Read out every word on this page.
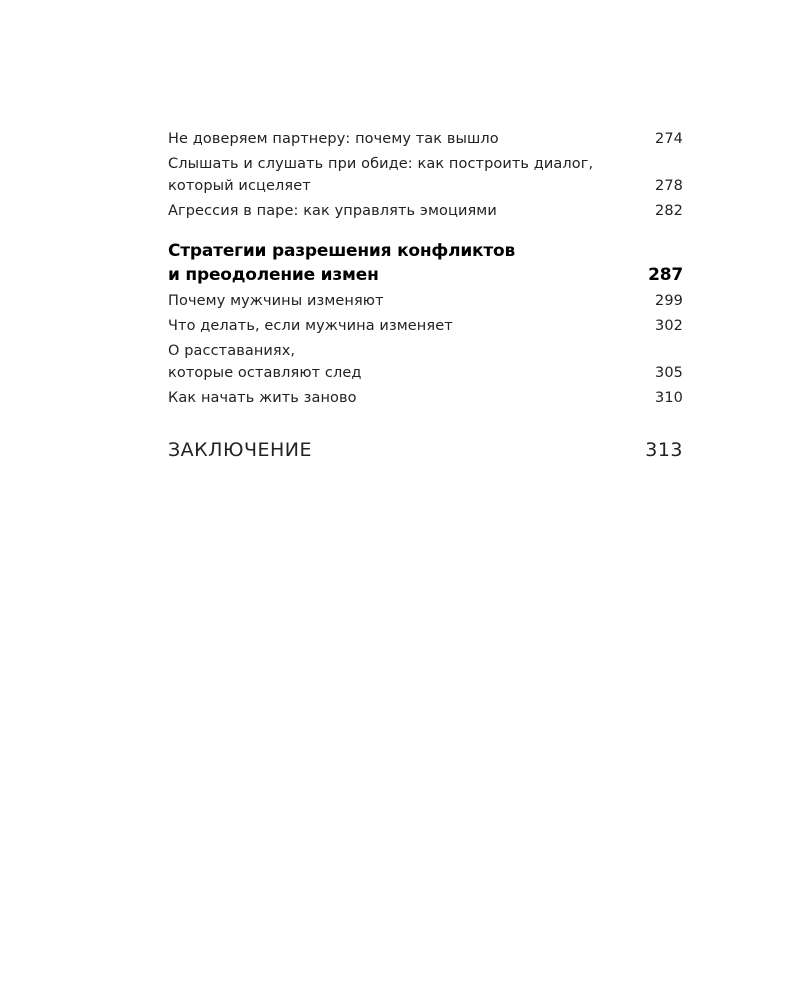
Не доверяем партнеру: почему так вышло	274
Слышать и слушать при обиде: как построить диалог,
который исцеляет	278
Агрессия в паре: как управлять эмоциями	282
Стратегии разрешения конфликтов
и преодоление измен	287
Почему мужчины изменяют	299
Что делать, если мужчина изменяет	302
О расставаниях,
которые оставляют след	305
Как начать жить заново	310
ЗАКЛЮЧЕНИЕ	313
